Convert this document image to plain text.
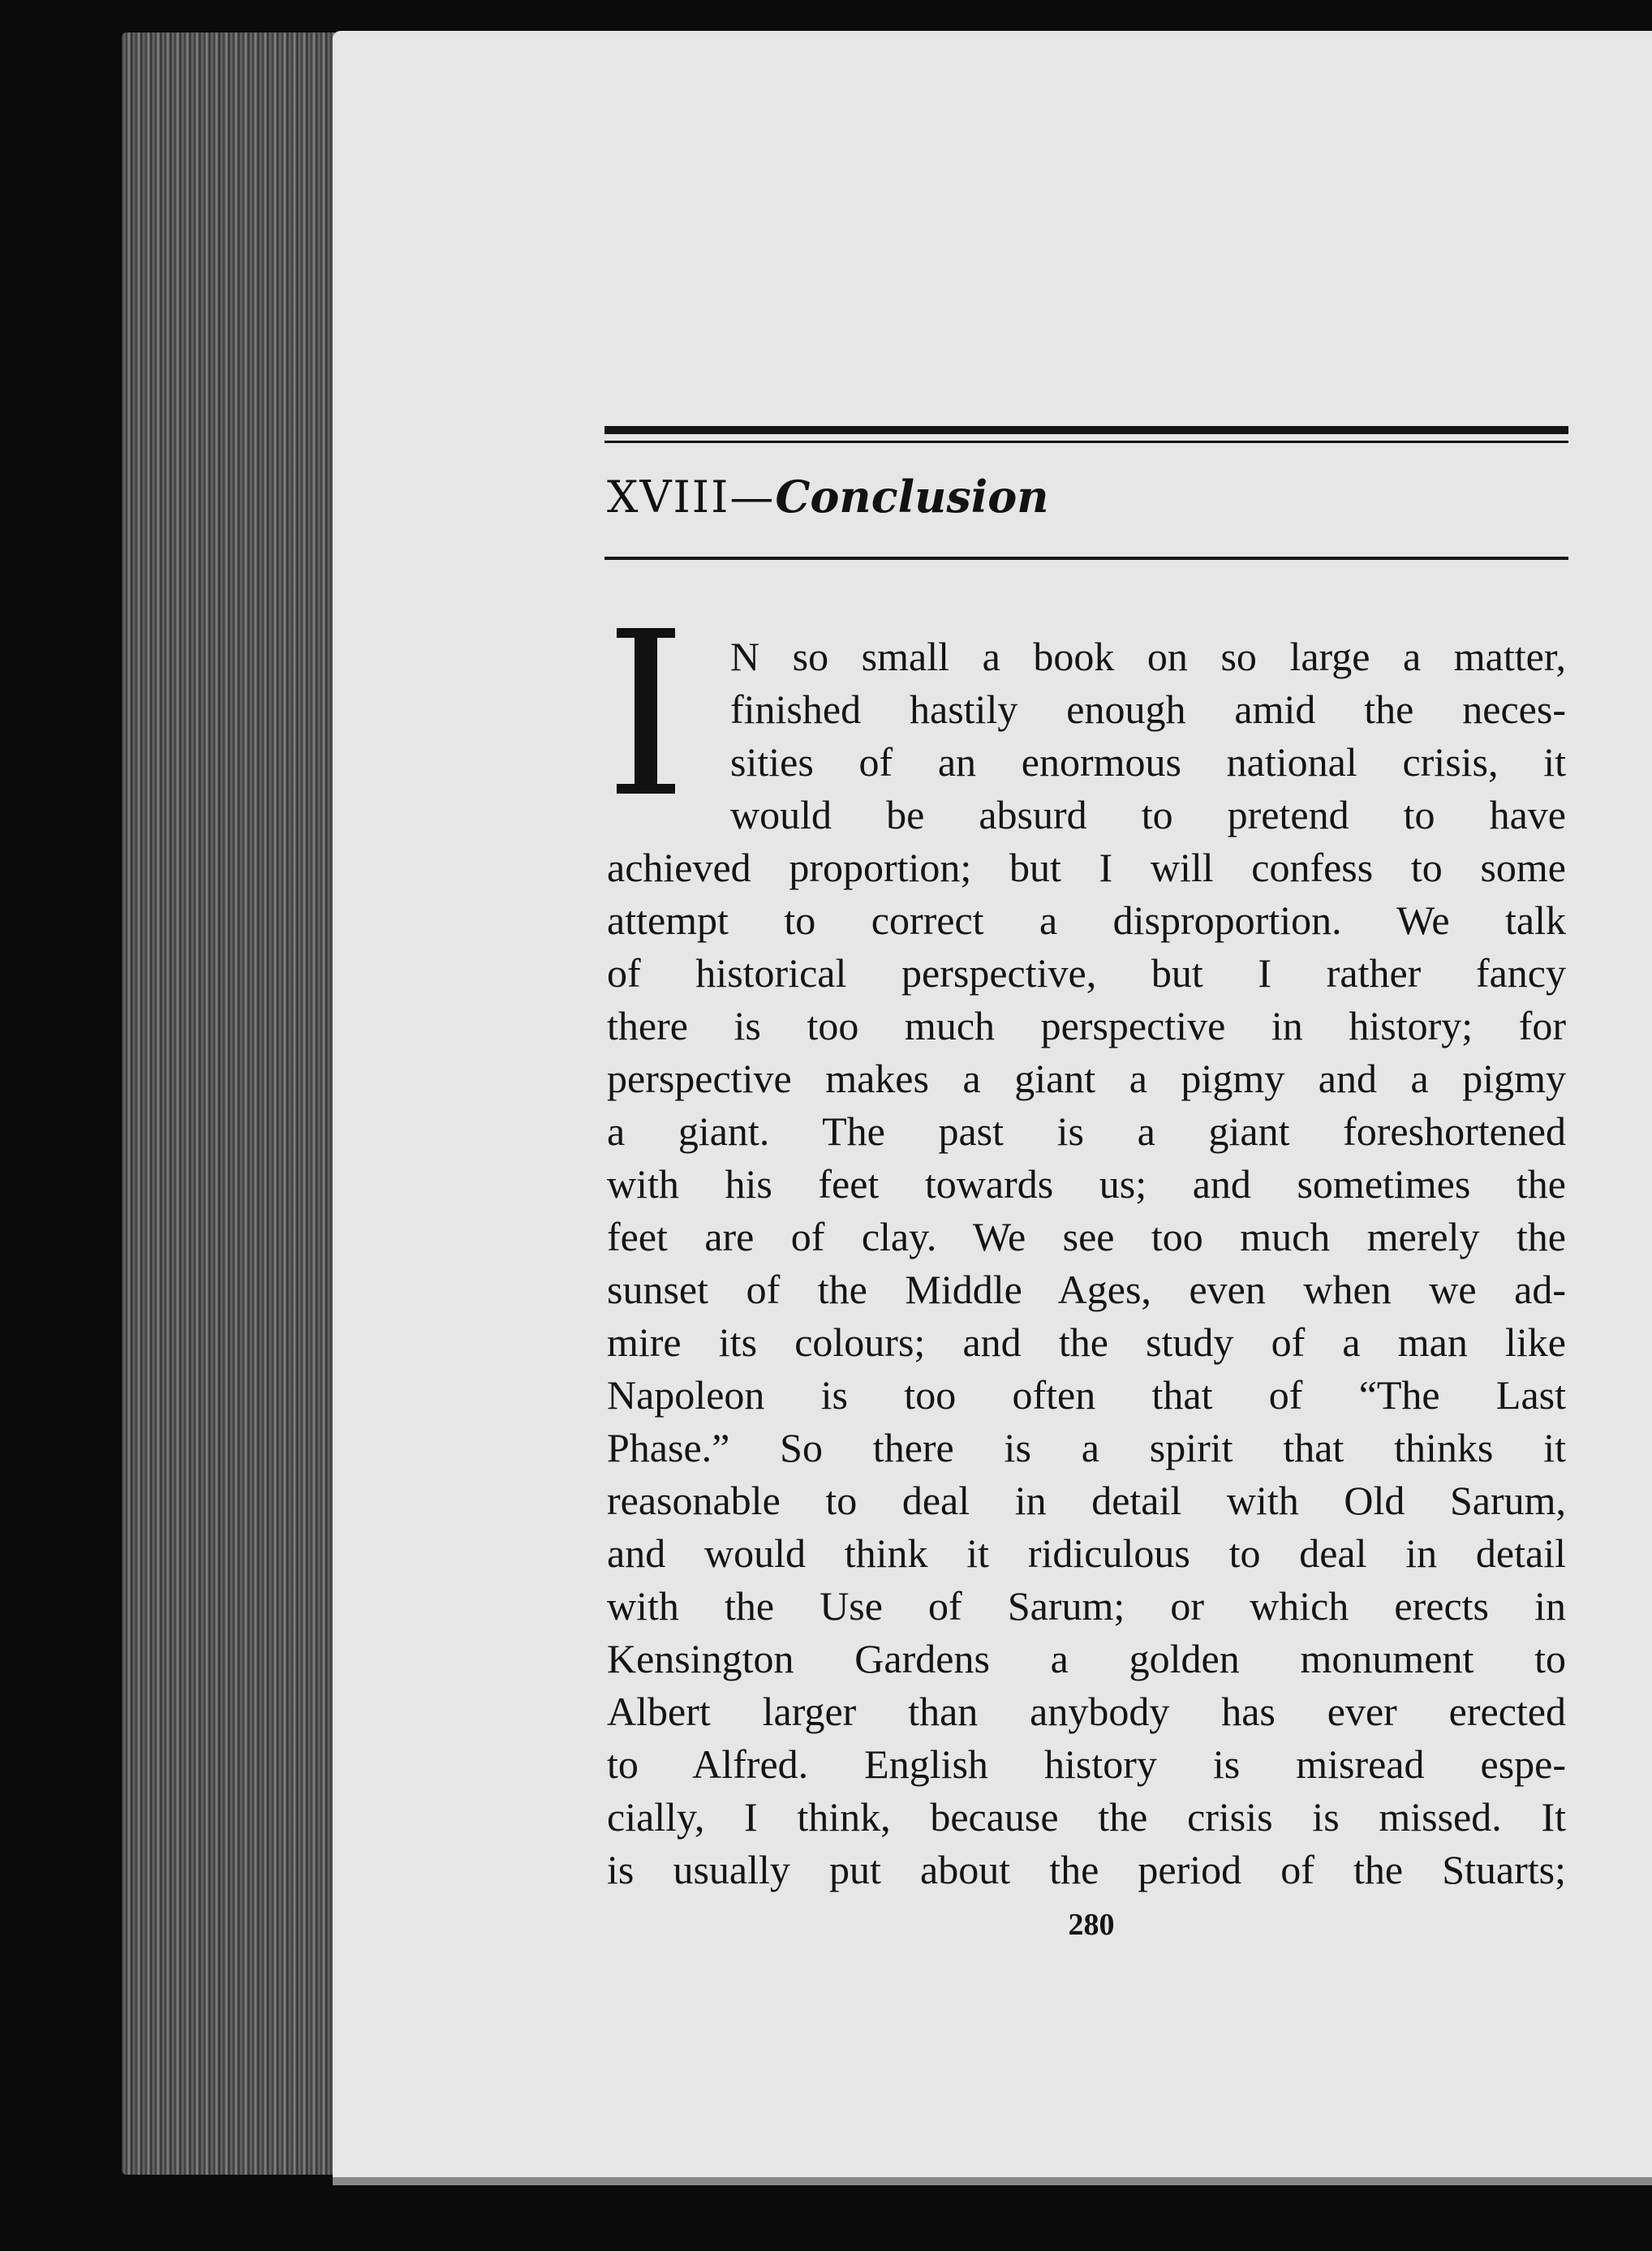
XVIII—Conclusion
N so small a book on so large a matter,
finished hastily enough amid the neces-
sities of an enormous national crisis, it
would be absurd to pretend to have
achieved proportion; but I will confess to some
attempt to correct a disproportion. We talk
of historical perspective, but I rather fancy
there is too much perspective in history; for
perspective makes a giant a pigmy and a pigmy
a giant. The past is a giant foreshortened
with his feet towards us; and sometimes the
feet are of clay. We see too much merely the
sunset of the Middle Ages, even when we ad-
mire its colours; and the study of a man like
Napoleon is too often that of “The Last
Phase.” So there is a spirit that thinks it
reasonable to deal in detail with Old Sarum,
and would think it ridiculous to deal in detail
with the Use of Sarum; or which erects in
Kensington Gardens a golden monument to
Albert larger than anybody has ever erected
to Alfred. English history is misread espe-
cially, I think, because the crisis is missed. It
is usually put about the period of the Stuarts;
280
